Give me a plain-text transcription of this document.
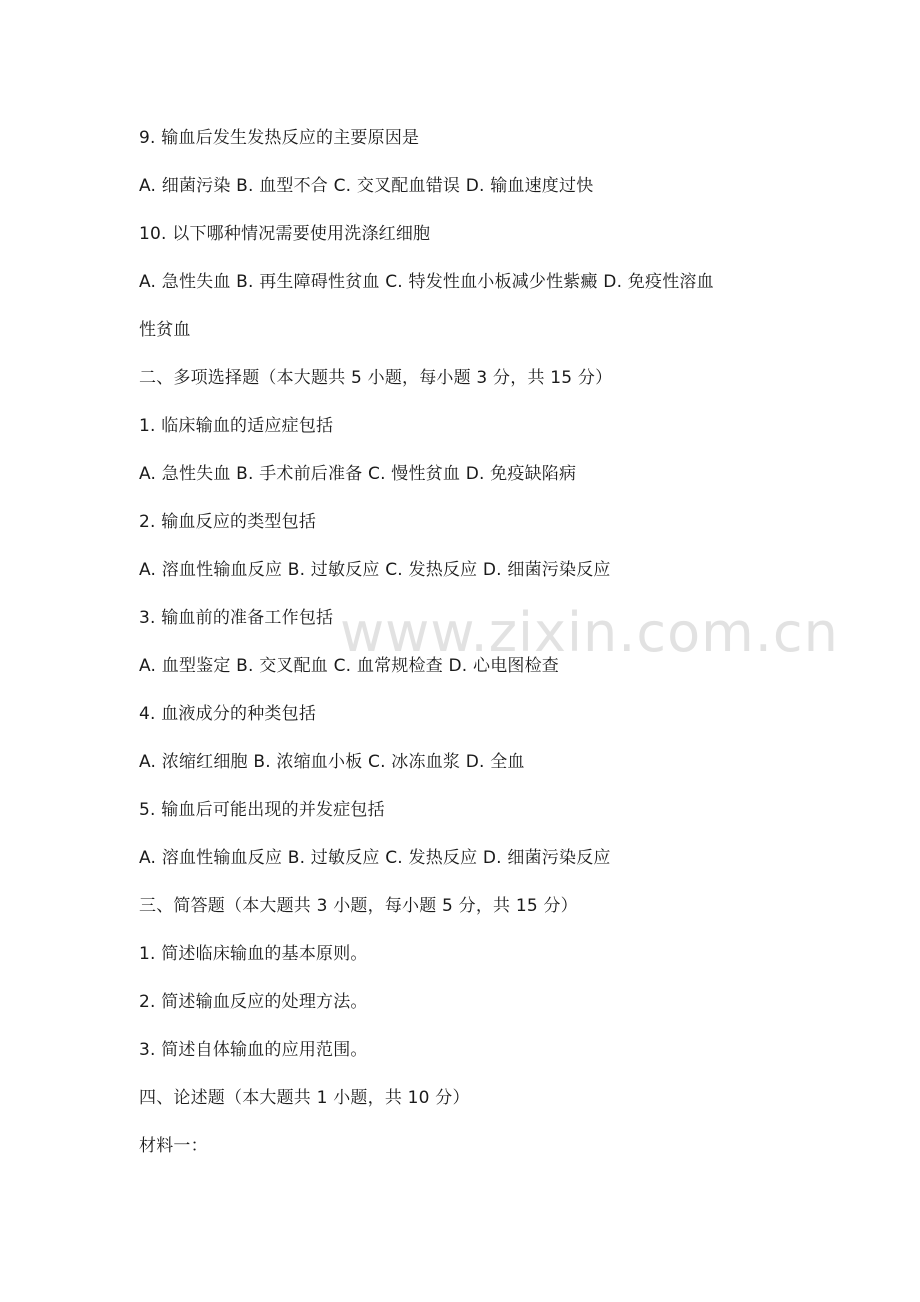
9. 输血后发生发热反应的主要原因是
A. 细菌污染 B. 血型不合 C. 交叉配血错误 D. 输血速度过快
10. 以下哪种情况需要使用洗涤红细胞
A. 急性失血 B. 再生障碍性贫血 C. 特发性血小板减少性紫癜 D. 免疫性溶血
性贫血
二、多项选择题（本大题共 5 小题，每小题 3 分，共 15 分）
1. 临床输血的适应症包括
A. 急性失血 B. 手术前后准备 C. 慢性贫血 D. 免疫缺陷病
2. 输血反应的类型包括
A. 溶血性输血反应 B. 过敏反应 C. 发热反应 D. 细菌污染反应
3. 输血前的准备工作包括
A. 血型鉴定 B. 交叉配血 C. 血常规检查 D. 心电图检查
4. 血液成分的种类包括
A. 浓缩红细胞 B. 浓缩血小板 C. 冰冻血浆 D. 全血
5. 输血后可能出现的并发症包括
A. 溶血性输血反应 B. 过敏反应 C. 发热反应 D. 细菌污染反应
三、简答题（本大题共 3 小题，每小题 5 分，共 15 分）
1. 简述临床输血的基本原则。
2. 简述输血反应的处理方法。
3. 简述自体输血的应用范围。
四、论述题（本大题共 1 小题，共 10 分）
材料一：
www.zixin.com.cn
